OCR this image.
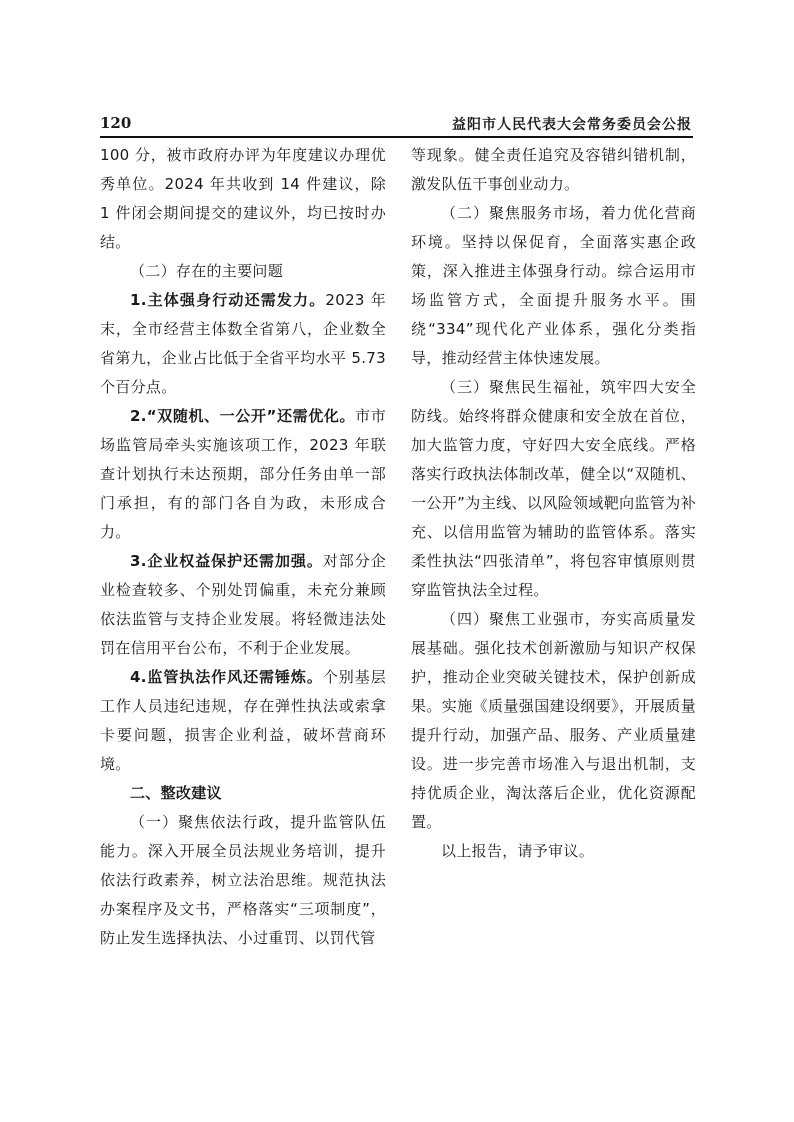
120	益阳市人民代表大会常务委员会公报

100 分，被市政府办评为年度建议办理优秀单位。2024 年共收到 14 件建议，除 1 件闭会期间提交的建议外，均已按时办结。

（二）存在的主要问题

1.主体强身行动还需发力。2023 年末，全市经营主体数全省第八，企业数全省第九，企业占比低于全省平均水平 5.73 个百分点。

2.“双随机、一公开”还需优化。市市场监管局牵头实施该项工作，2023 年联查计划执行未达预期，部分任务由单一部门承担，有的部门各自为政，未形成合力。

3.企业权益保护还需加强。对部分企业检查较多、个别处罚偏重，未充分兼顾依法监管与支持企业发展。将轻微违法处罚在信用平台公布，不利于企业发展。

4.监管执法作风还需锤炼。个别基层工作人员违纪违规，存在弹性执法或索拿卡要问题，损害企业利益，破坏营商环境。

二、整改建议

（一）聚焦依法行政，提升监管队伍能力。深入开展全员法规业务培训，提升依法行政素养，树立法治思维。规范执法办案程序及文书，严格落实“三项制度”，防止发生选择执法、小过重罚、以罚代管

等现象。健全责任追究及容错纠错机制，激发队伍干事创业动力。

（二）聚焦服务市场，着力优化营商环境。坚持以保促育，全面落实惠企政策，深入推进主体强身行动。综合运用市场监管方式，全面提升服务水平。围绕“334”现代化产业体系，强化分类指导，推动经营主体快速发展。

（三）聚焦民生福祉，筑牢四大安全防线。始终将群众健康和安全放在首位，加大监管力度，守好四大安全底线。严格落实行政执法体制改革，健全以“双随机、一公开”为主线、以风险领域靶向监管为补充、以信用监管为辅助的监管体系。落实柔性执法“四张清单”，将包容审慎原则贯穿监管执法全过程。

（四）聚焦工业强市，夯实高质量发展基础。强化技术创新激励与知识产权保护，推动企业突破关键技术，保护创新成果。实施《质量强国建设纲要》，开展质量提升行动，加强产品、服务、产业质量建设。进一步完善市场准入与退出机制，支持优质企业，淘汰落后企业，优化资源配置。

以上报告，请予审议。
